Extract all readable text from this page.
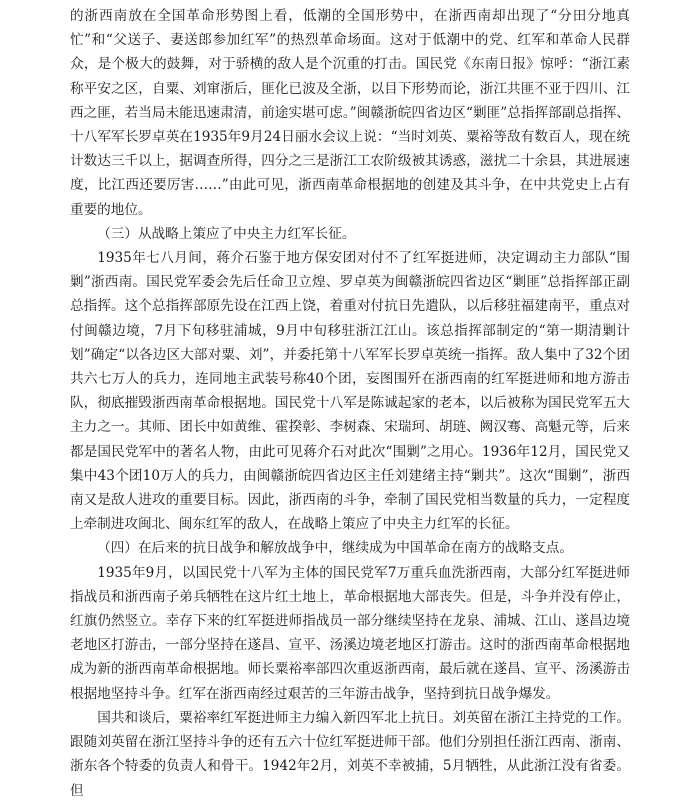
的浙西南放在全国革命形势图上看，低潮的全国形势中，在浙西南却出现了“分田分地真忙”和“父送子、妻送郎参加红军”的热烈革命场面。这对于低潮中的党、红军和革命人民群众，是个极大的鼓舞，对于骄横的敌人是个沉重的打击。国民党《东南日报》惊呼：“浙江素称平安之区，自粟、刘窜浙后，匪化已波及全浙，以目下形势而论，浙江共匪不亚于四川、江西之匪，若当局未能迅速肃清，前途实堪可虑。”闽赣浙皖四省边区“剿匪”总指挥部副总指挥、十八军军长罗卓英在1935年9月24日丽水会议上说：“当时刘英、粟裕等敌有数百人，现在统计数达三千以上，据调查所得，四分之三是浙江工农阶级被其诱惑，滋扰二十余县，其进展速度，比江西还要厉害……”由此可见，浙西南革命根据地的创建及其斗争，在中共党史上占有重要的地位。

（三）从战略上策应了中央主力红军长征。

1935年七八月间，蒋介石鉴于地方保安团对付不了红军挺进师，决定调动主力部队“围剿”浙西南。国民党军委会先后任命卫立煌、罗卓英为闽赣浙皖四省边区“剿匪”总指挥部正副总指挥。这个总指挥部原先设在江西上饶，着重对付抗日先遣队，以后移驻福建南平，重点对付闽赣边境，7月下旬移驻浦城，9月中旬移驻浙江江山。该总指挥部制定的“第一期清剿计划”确定“以各边区大部对粟、刘”，并委托第十八军军长罗卓英统一指挥。敌人集中了32个团共六七万人的兵力，连同地主武装号称40个团，妄图围歼在浙西南的红军挺进师和地方游击队，彻底摧毁浙西南革命根据地。国民党十八军是陈诚起家的老本，以后被称为国民党军五大主力之一。其师、团长中如黄维、霍揆彰、李树森、宋瑞珂、胡琏、阙汉骞、高魁元等，后来都是国民党军中的著名人物，由此可见蒋介石对此次“围剿”之用心。1936年12月，国民党又集中43个团10万人的兵力，由闽赣浙皖四省边区主任刘建绪主持“剿共”。这次“围剿”，浙西南又是敌人进攻的重要目标。因此，浙西南的斗争，牵制了国民党相当数量的兵力，一定程度上牵制进攻闽北、闽东红军的敌人，在战略上策应了中央主力红军的长征。

（四）在后来的抗日战争和解放战争中，继续成为中国革命在南方的战略支点。

1935年9月，以国民党十八军为主体的国民党军7万重兵血洗浙西南，大部分红军挺进师指战员和浙西南子弟兵牺牲在这片红土地上，革命根据地大部丧失。但是，斗争并没有停止，红旗仍然竖立。幸存下来的红军挺进师指战员一部分继续坚持在龙泉、浦城、江山、遂昌边境老地区打游击，一部分坚持在遂昌、宣平、汤溪边境老地区打游击。这时的浙西南革命根据地成为新的浙西南革命根据地。师长粟裕率部四次重返浙西南，最后就在遂昌、宣平、汤溪游击根据地坚持斗争。红军在浙西南经过艰苦的三年游击战争，坚持到抗日战争爆发。

国共和谈后，粟裕率红军挺进师主力编入新四军北上抗日。刘英留在浙江主持党的工作。跟随刘英留在浙江坚持斗争的还有五六十位红军挺进师干部。他们分别担任浙江西南、浙南、浙东各个特委的负责人和骨干。1942年2月，刘英不幸被捕，5月牺牲，从此浙江没有省委。但
